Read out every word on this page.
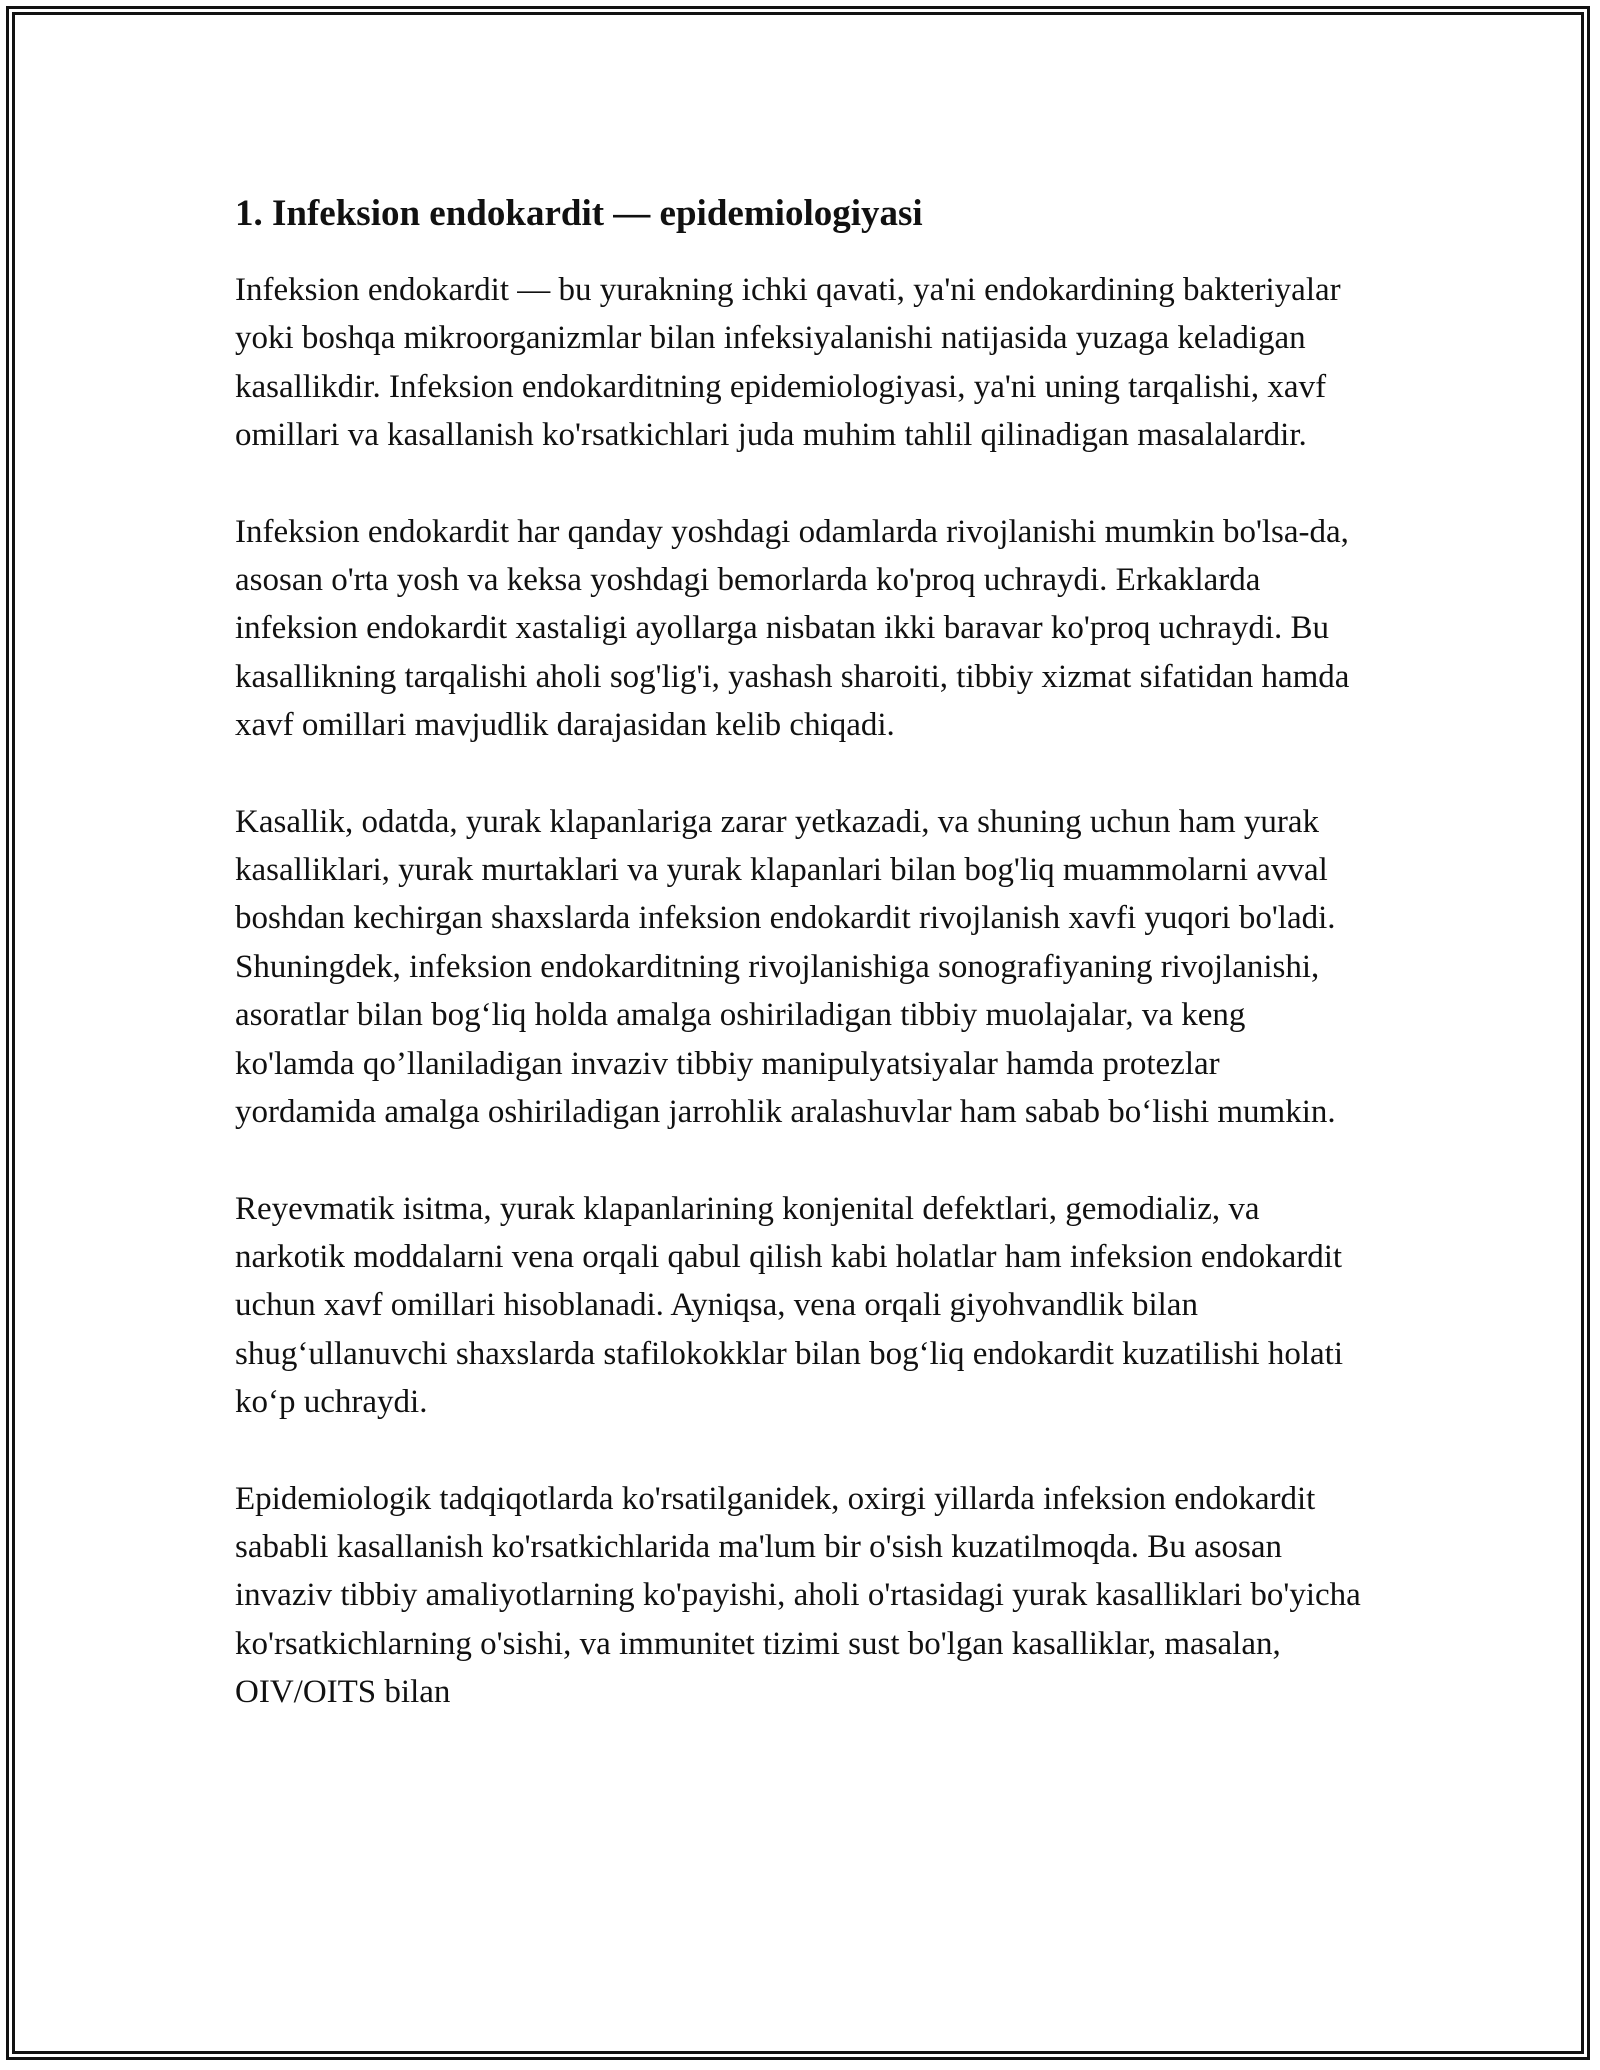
1. Infeksion endokardit — epidemiologiyasi

Infeksion endokardit — bu yurakning ichki qavati, ya'ni endokardining bakteriyalar yoki boshqa mikroorganizmlar bilan infeksiyalanishi natijasida yuzaga keladigan kasallikdir. Infeksion endokarditning epidemiologiyasi, ya'ni uning tarqalishi, xavf omillari va kasallanish ko'rsatkichlari juda muhim tahlil qilinadigan masalalardir.

Infeksion endokardit har qanday yoshdagi odamlarda rivojlanishi mumkin bo'lsa-da, asosan o'rta yosh va keksa yoshdagi bemorlarda ko'proq uchraydi. Erkaklarda infeksion endokardit xastaligi ayollarga nisbatan ikki baravar ko'proq uchraydi. Bu kasallikning tarqalishi aholi sog'lig'i, yashash sharoiti, tibbiy xizmat sifatidan hamda xavf omillari mavjudlik darajasidan kelib chiqadi.

Kasallik, odatda, yurak klapanlariga zarar yetkazadi, va shuning uchun ham yurak kasalliklari, yurak murtaklari va yurak klapanlari bilan bog'liq muammolarni avval boshdan kechirgan shaxslarda infeksion endokardit rivojlanish xavfi yuqori bo'ladi. Shuningdek, infeksion endokarditning rivojlanishiga sonografiyaning rivojlanishi, asoratlar bilan bog‘liq holda amalga oshiriladigan tibbiy muolajalar, va keng ko'lamda qo’llaniladigan invaziv tibbiy manipulyatsiyalar hamda protezlar yordamida amalga oshiriladigan jarrohlik aralashuvlar ham sabab bo‘lishi mumkin.

Reyevmatik isitma, yurak klapanlarining konjenital defektlari, gemodializ, va narkotik moddalarni vena orqali qabul qilish kabi holatlar ham infeksion endokardit uchun xavf omillari hisoblanadi. Ayniqsa, vena orqali giyohvandlik bilan shug‘ullanuvchi shaxslarda stafilokokklar bilan bog‘liq endokardit kuzatilishi holati ko‘p uchraydi.

Epidemiologik tadqiqotlarda ko'rsatilganidek, oxirgi yillarda infeksion endokardit sababli kasallanish ko'rsatkichlarida ma'lum bir o'sish kuzatilmoqda. Bu asosan invaziv tibbiy amaliyotlarning ko'payishi, aholi o'rtasidagi yurak kasalliklari bo'yicha ko'rsatkichlarning o'sishi, va immunitet tizimi sust bo'lgan kasalliklar, masalan, OIV/OITS bilan
